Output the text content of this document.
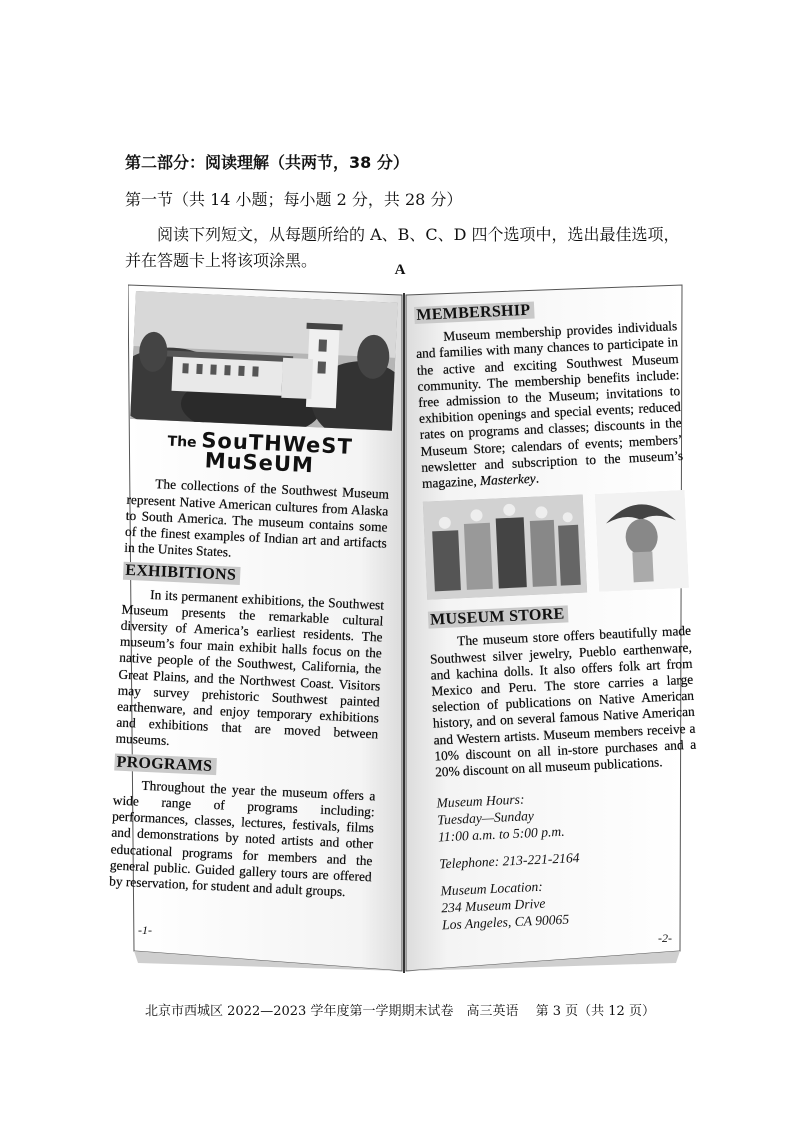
第二部分：阅读理解（共两节，38 分）
第一节（共 14 小题；每小题 2 分，共 28 分）
阅读下列短文，从每题所给的 A、B、C、D 四个选项中，选出最佳选项，并在答题卡上将该项涂黑。	A
The SouTHWeST MuSeUM

The collections of the Southwest Museum represent Native American cultures from Alaska to South America. The museum contains some of the finest examples of Indian art and artifacts in the Unites States.

EXHIBITIONS

In its permanent exhibitions, the Southwest Museum presents the remarkable cultural diversity of America’s earliest residents. The museum’s four main exhibit halls focus on the native people of the Southwest, California, the Great Plains, and the Northwest Coast. Visitors may survey prehistoric Southwest painted earthenware, and enjoy temporary exhibitions and exhibitions that are moved between museums.

PROGRAMS

Throughout the year the museum offers a wide range of programs including: performances, classes, lectures, festivals, films and demonstrations by noted artists and other educational programs for members and the general public. Guided gallery tours are offered by reservation, for student and adult groups.

-1-
MEMBERSHIP

Museum membership provides individuals and families with many chances to participate in the active and exciting Southwest Museum community. The membership benefits include: free admission to the Museum; invitations to exhibition openings and special events; reduced rates on programs and classes; discounts in the Museum Store; calendars of events; members’ newsletter and subscription to the museum’s magazine, Masterkey.

MUSEUM STORE

The museum store offers beautifully made Southwest silver jewelry, Pueblo earthenware, and kachina dolls. It also offers folk art from Mexico and Peru. The store carries a large selection of publications on Native American history, and on several famous Native American and Western artists. Museum members receive a 10% discount on all in-store purchases and a 20% discount on all museum publications.

Museum Hours:
Tuesday—Sunday
11:00 a.m. to 5:00 p.m.
Telephone: 213-221-2164
Museum Location:
234 Museum Drive
Los Angeles, CA 90065
-2-
北京市西城区 2022—2023 学年度第一学期期末试卷　高三英语　 第 3 页（共 12 页）
